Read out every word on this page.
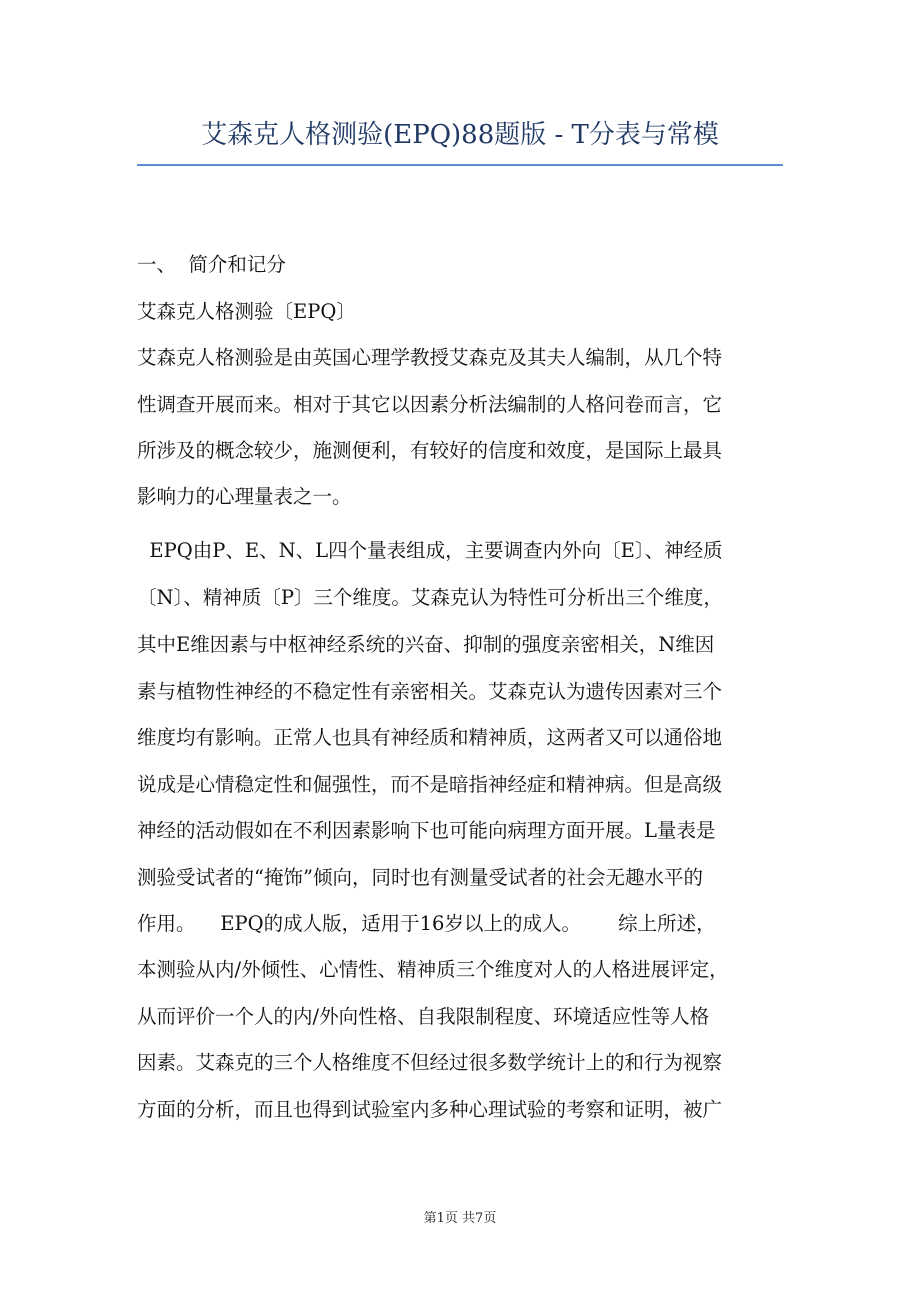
艾森克人格测验(EPQ)88题版 - T分表与常模
一、  简介和记分
艾森克人格测验〔EPQ〕
艾森克人格测验是由英国心理学教授艾森克及其夫人编制，从几个特
性调查开展而来。相对于其它以因素分析法编制的人格问卷而言，它
所涉及的概念较少，施测便利，有较好的信度和效度，是国际上最具
影响力的心理量表之一。
EPQ由P、E、N、L四个量表组成，主要调查内外向〔E〕、神经质
〔N〕、精神质〔P〕三个维度。艾森克认为特性可分析出三个维度，
其中E维因素与中枢神经系统的兴奋、抑制的强度亲密相关，N维因
素与植物性神经的不稳定性有亲密相关。艾森克认为遗传因素对三个
维度均有影响。正常人也具有神经质和精神质，这两者又可以通俗地
说成是心情稳定性和倔强性，而不是暗指神经症和精神病。但是高级
神经的活动假如在不利因素影响下也可能向病理方面开展。L量表是
测验受试者的“掩饰”倾向，同时也有测量受试者的社会无趣水平的
作用。    EPQ的成人版，适用于16岁以上的成人。      综上所述，
本测验从内/外倾性、心情性、精神质三个维度对人的人格进展评定，
从而评价一个人的内/外向性格、自我限制程度、环境适应性等人格
因素。艾森克的三个人格维度不但经过很多数学统计上的和行为视察
方面的分析，而且也得到试验室内多种心理试验的考察和证明，被广
第1页 共7页
